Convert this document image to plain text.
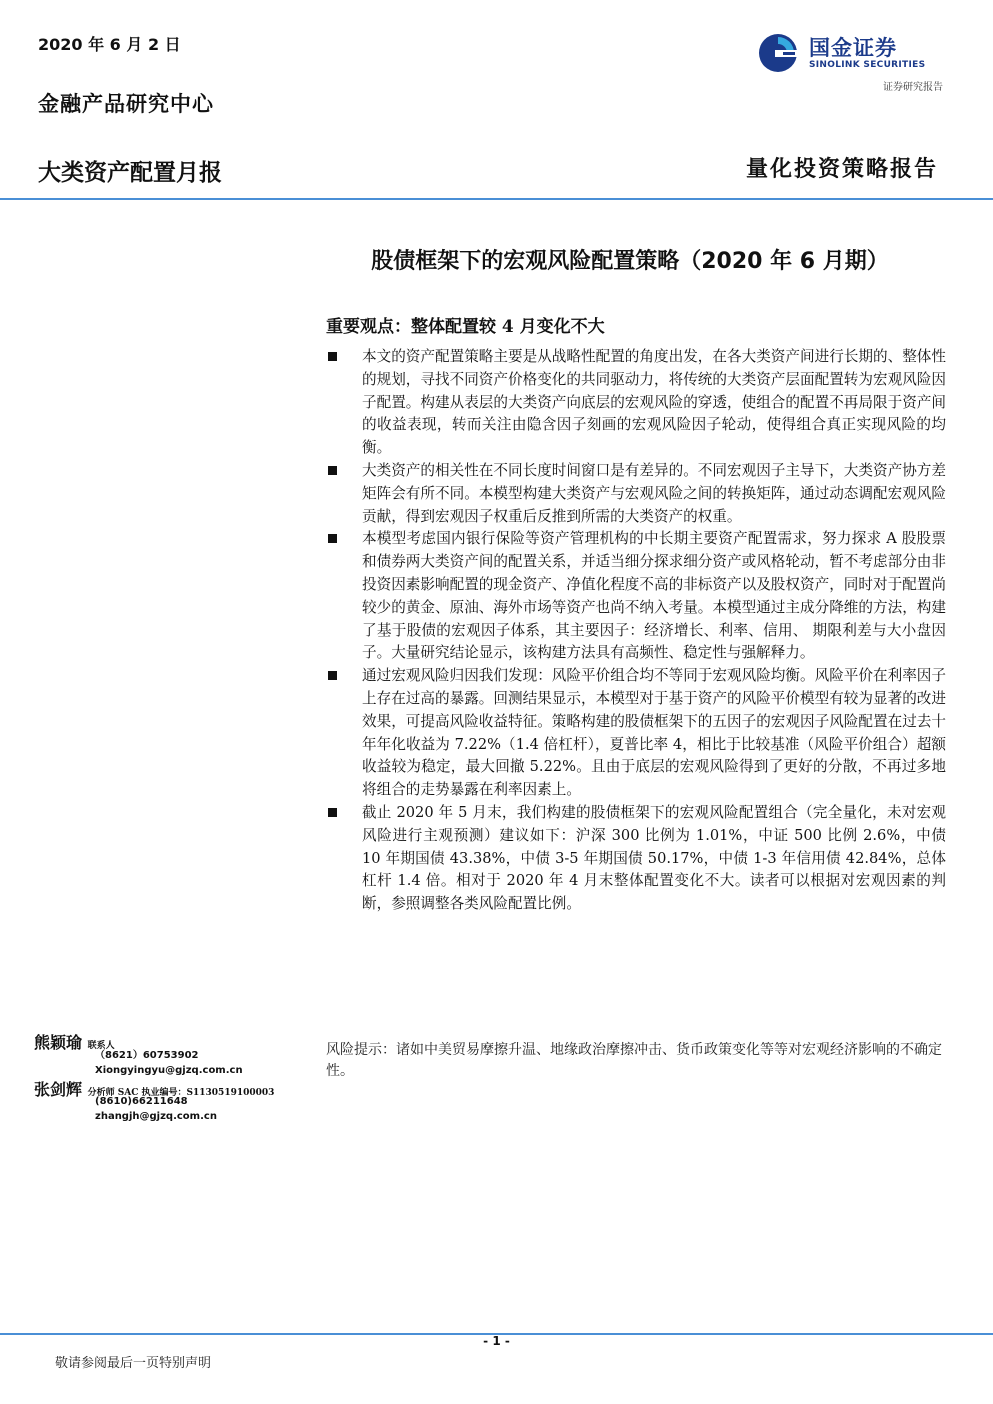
2020 年 6 月 2 日
金融产品研究中心
大类资产配置月报	量化投资策略报告
国金证券
SINOLINK SECURITIES
证券研究报告
股债框架下的宏观风险配置策略（2020 年 6 月期）
重要观点：整体配置较 4 月变化不大
本文的资产配置策略主要是从战略性配置的角度出发，在各大类资产间进行长期的、整体性的规划，寻找不同资产价格变化的共同驱动力，将传统的大类资产层面配置转为宏观风险因子配置。构建从表层的大类资产向底层的宏观风险的穿透，使组合的配置不再局限于资产间的收益表现，转而关注由隐含因子刻画的宏观风险因子轮动，使得组合真正实现风险的均衡。
大类资产的相关性在不同长度时间窗口是有差异的。不同宏观因子主导下，大类资产协方差矩阵会有所不同。本模型构建大类资产与宏观风险之间的转换矩阵，通过动态调配宏观风险贡献，得到宏观因子权重后反推到所需的大类资产的权重。
本模型考虑国内银行保险等资产管理机构的中长期主要资产配置需求，努力探求 A 股股票和债券两大类资产间的配置关系，并适当细分探求细分资产或风格轮动，暂不考虑部分由非投资因素影响配置的现金资产、净值化程度不高的非标资产以及股权资产，同时对于配置尚较少的黄金、原油、海外市场等资产也尚不纳入考量。本模型通过主成分降维的方法，构建了基于股债的宏观因子体系，其主要因子：经济增长、利率、信用、 期限利差与大小盘因子。大量研究结论显示，该构建方法具有高频性、稳定性与强解释力。
通过宏观风险归因我们发现：风险平价组合均不等同于宏观风险均衡。风险平价在利率因子上存在过高的暴露。回测结果显示，本模型对于基于资产的风险平价模型有较为显著的改进效果，可提高风险收益特征。策略构建的股债框架下的五因子的宏观因子风险配置在过去十年年化收益为 7.22%（1.4 倍杠杆），夏普比率 4，相比于比较基准（风险平价组合）超额收益较为稳定，最大回撤 5.22%。且由于底层的宏观风险得到了更好的分散，不再过多地将组合的走势暴露在利率因素上。
截止 2020 年 5 月末，我们构建的股债框架下的宏观风险配置组合（完全量化，未对宏观风险进行主观预测）建议如下：沪深 300 比例为 1.01%，中证 500 比例 2.6%，中债 10 年期国债 43.38%，中债 3-5 年期国债 50.17%，中债 1-3 年信用债 42.84%，总体杠杆 1.4 倍。相对于 2020 年 4 月末整体配置变化不大。读者可以根据对宏观因素的判断，参照调整各类风险配置比例。
熊颖瑜 联系人
（8621）60753902
Xiongyingyu@gjzq.com.cn
张剑辉 分析师 SAC 执业编号：S1130519100003
(8610)66211648
zhangjh@gjzq.com.cn
风险提示：诸如中美贸易摩擦升温、地缘政治摩擦冲击、货币政策变化等等对宏观经济影响的不确定性。
- 1 -
敬请参阅最后一页特别声明
